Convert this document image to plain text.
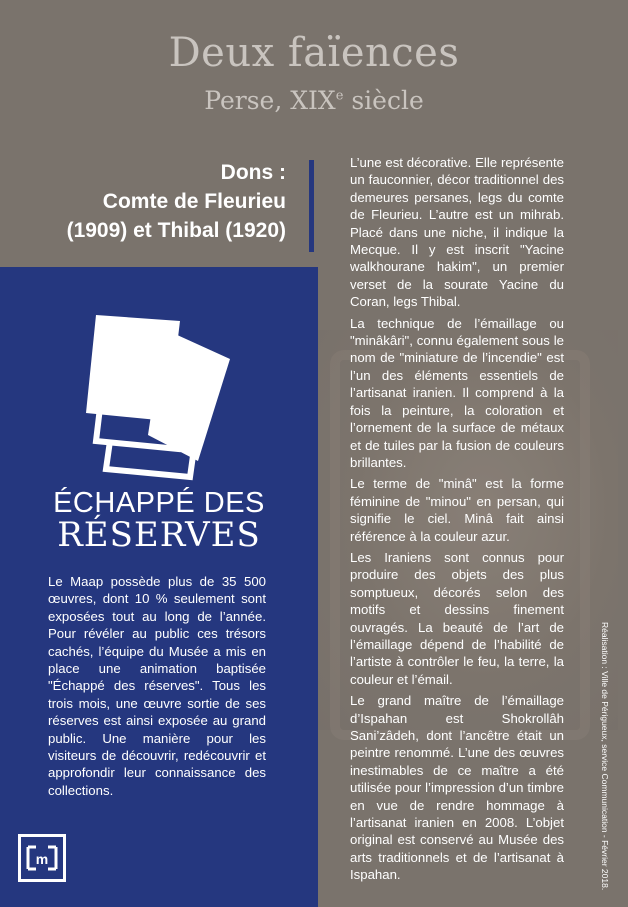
Deux faïences
Perse, XIXe siècle
Dons :
Comte de Fleurieu
(1909) et Thibal (1920)
ÉCHAPPÉ DES
RÉSERVES

Le Maap possède plus de 35 500 œuvres, dont 10 % seulement sont exposées tout au long de l’année. Pour révéler au public ces trésors cachés, l’équipe du Musée a mis en place une animation baptisée "Échappé des réserves". Tous les trois mois, une œuvre sortie de ses réserves est ainsi exposée au grand public. Une manière pour les visiteurs de découvrir, redécouvrir et approfondir leur connaissance des collections.

m

L’une est décorative. Elle représente un fauconnier, décor traditionnel des demeures persanes, legs du comte de Fleurieu. L’autre est un mihrab. Placé dans une niche, il indique la Mecque. Il y est inscrit "Yacine walkhourane hakim", un premier verset de la sourate Yacine du Coran, legs Thibal.

La technique de l’émaillage ou "minâkâri", connu également sous le nom de "miniature de l’incendie" est l’un des éléments essentiels de l’artisanat iranien. Il comprend à la fois la peinture, la coloration et l’ornement de la surface de métaux et de tuiles par la fusion de couleurs brillantes.

Le terme de "minâ" est la forme féminine de "minou" en persan, qui signifie le ciel. Minâ fait ainsi référence à la couleur azur.

Les Iraniens sont connus pour produire des objets des plus somptueux, décorés selon des motifs et dessins finement ouvragés. La beauté de l’art de l’émaillage dépend de l’habilité de l’artiste à contrôler le feu, la terre, la couleur et l’émail.

Le grand maître de l’émaillage d’Ispahan est Shokrollâh Sani’zâdeh, dont l’ancêtre était un peintre renommé. L’une des œuvres inestimables de ce maître a été utilisée pour l’impression d’un timbre en vue de rendre hommage à l’artisanat iranien en 2008. L’objet original est conservé au Musée des arts traditionnels et de l’artisanat à Ispahan.	Réalisation : Ville de Périgueux, service Communication - Février 2018.
